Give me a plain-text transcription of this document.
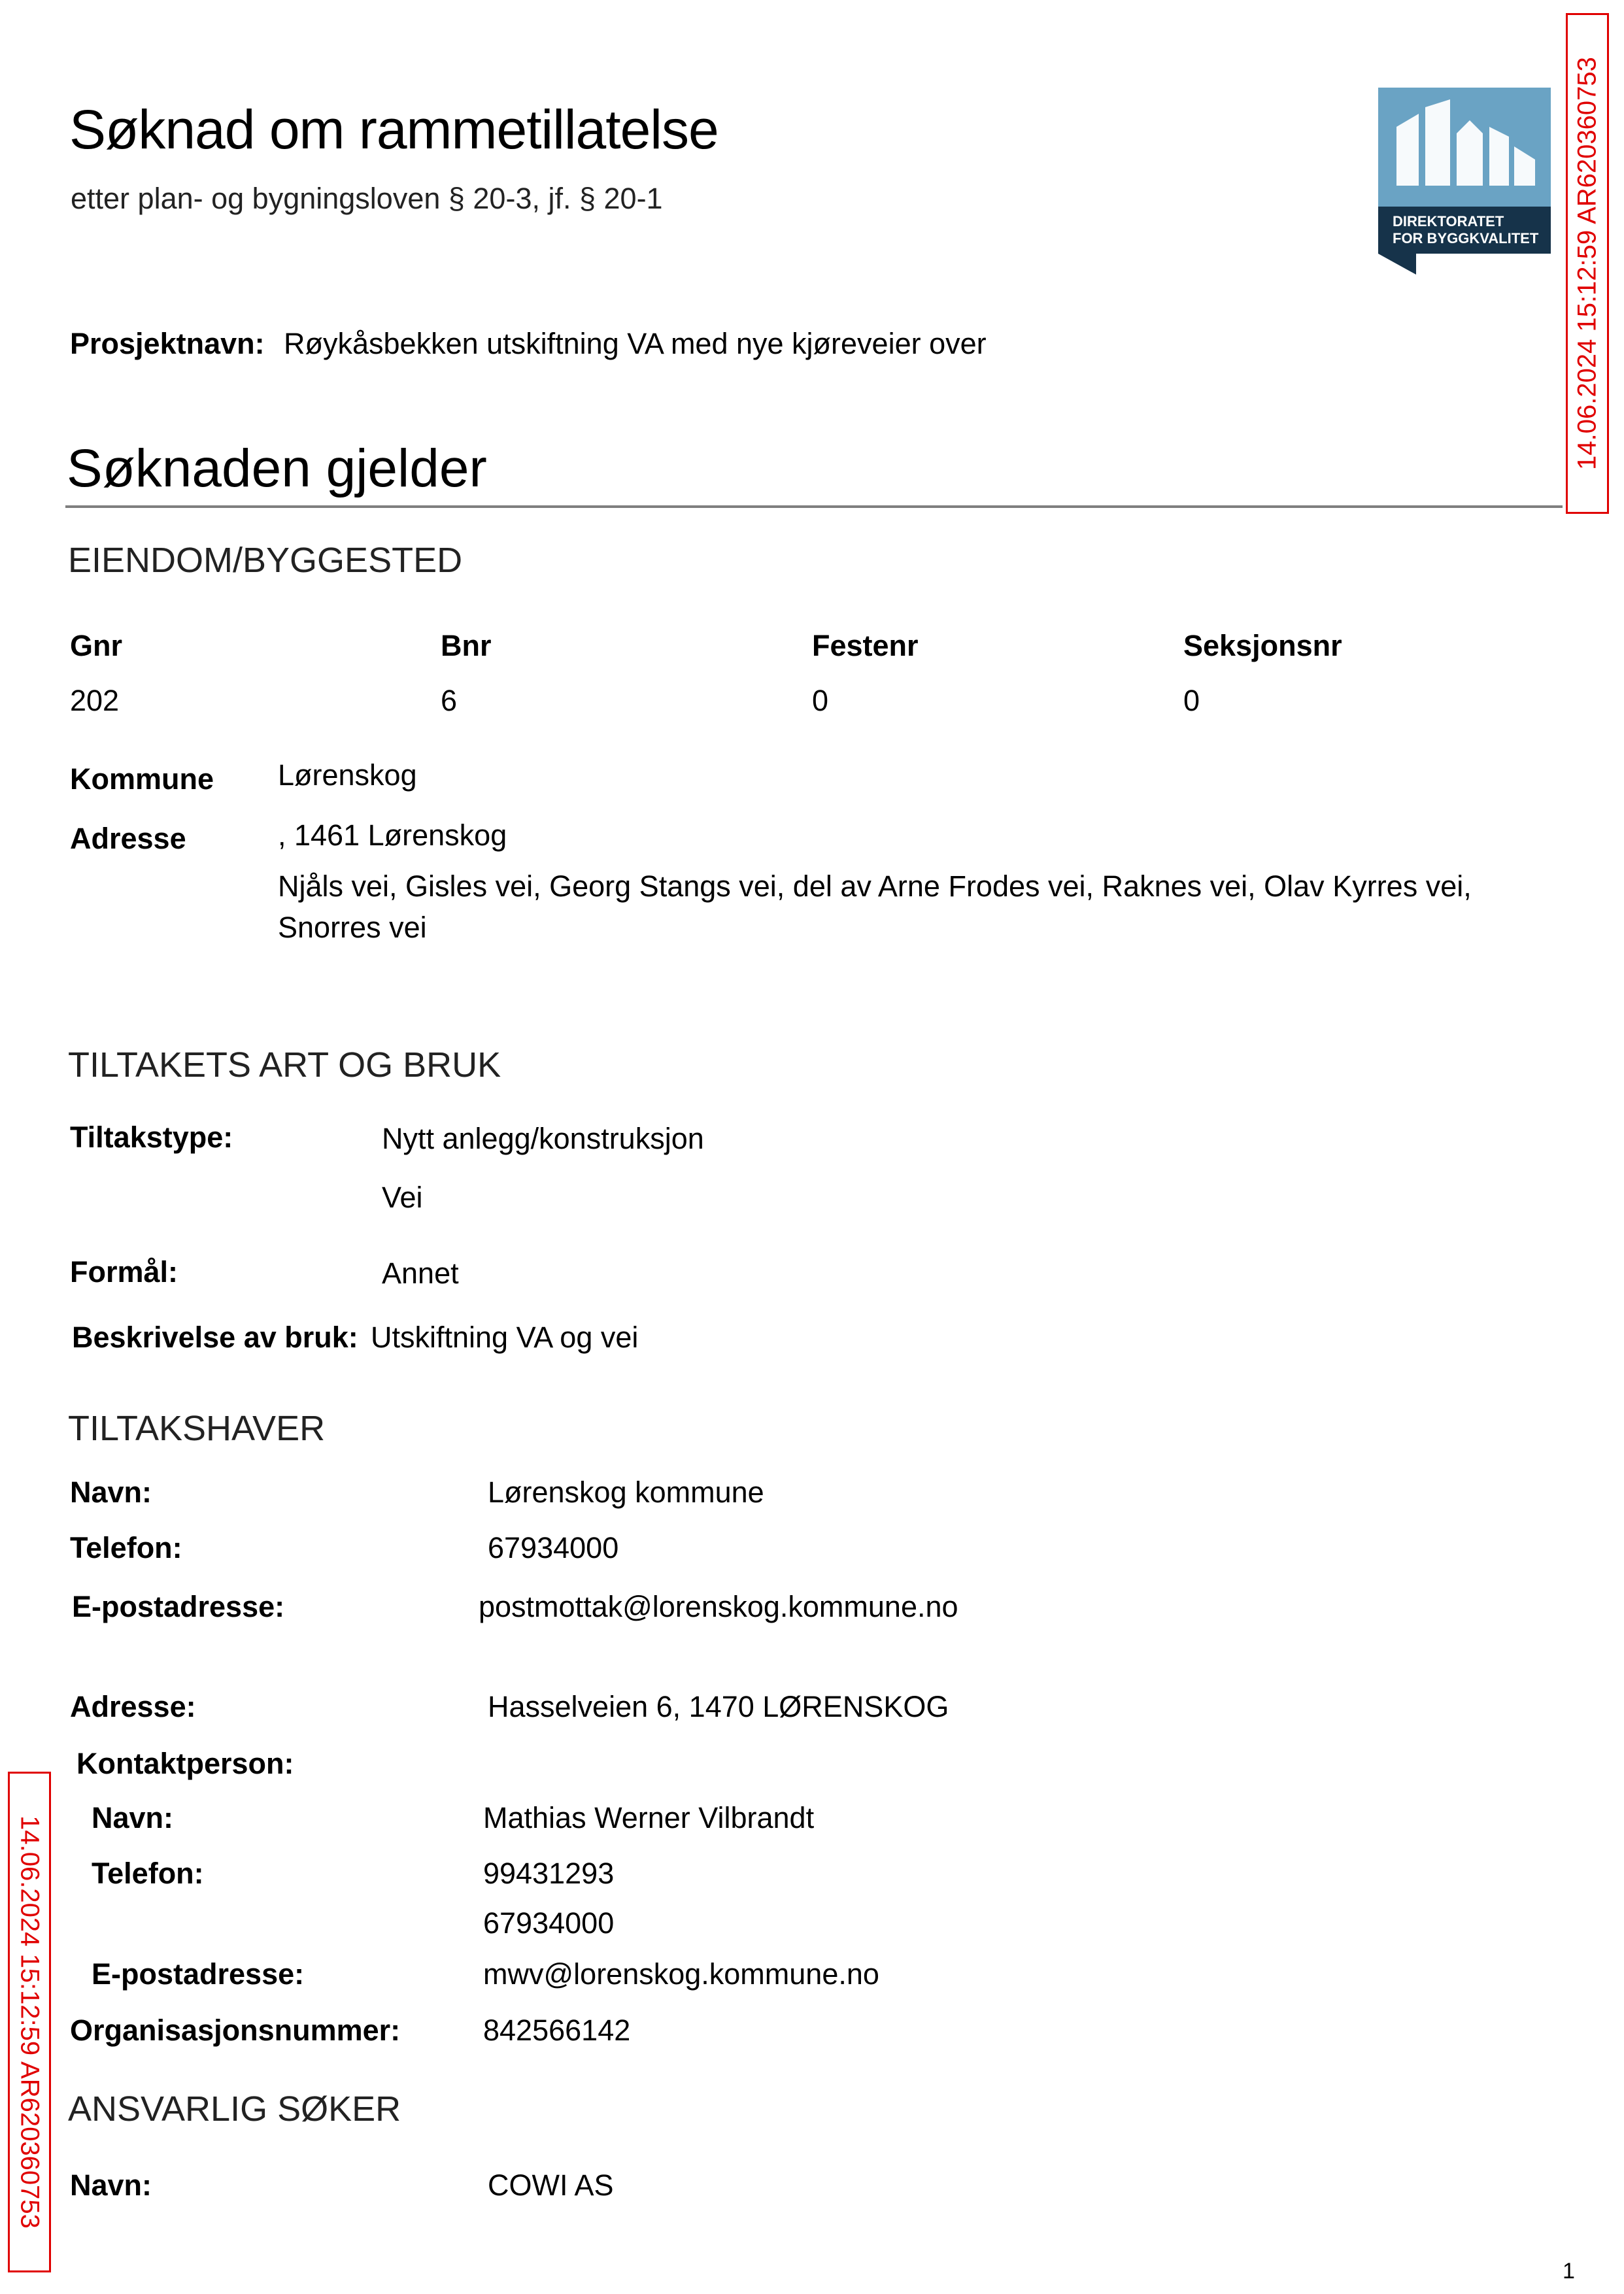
Søknad om rammetillatelse
etter plan- og bygningsloven § 20-3, jf. § 20-1
DIREKTORATET
FOR BYGGKVALITET 14.06.2024 15:12:59 AR620360753
14.06.2024 15:12:59 AR620360753
Prosjektnavn: Røykåsbekken utskiftning VA med nye kjøreveier over
Søknaden gjelder
EIENDOM/BYGGESTED
Gnr	Bnr	Festenr	Seksjonsnr
202	6	0	0
Kommune Lørenskog
Adresse	, 1461 Lørenskog
Njåls vei, Gisles vei, Georg Stangs vei, del av Arne Frodes vei, Raknes vei, Olav Kyrres vei,
Snorres vei
TILTAKETS ART OG BRUK
Tiltakstype:	Nytt anlegg/konstruksjon
Vei
Formål:	Annet
Beskrivelse av bruk: Utskiftning VA og vei
TILTAKSHAVER
Navn:	Lørenskog kommune
Telefon:	67934000
E-postadresse:	postmottak@lorenskog.kommune.no
Adresse:	Hasselveien 6, 1470 LØRENSKOG
Kontaktperson:
Navn:	Mathias Werner Vilbrandt
Telefon:	99431293
67934000
E-postadresse:	mwv@lorenskog.kommune.no
Organisasjonsnummer:	842566142
ANSVARLIG SØKER
Navn:	COWI AS
1
